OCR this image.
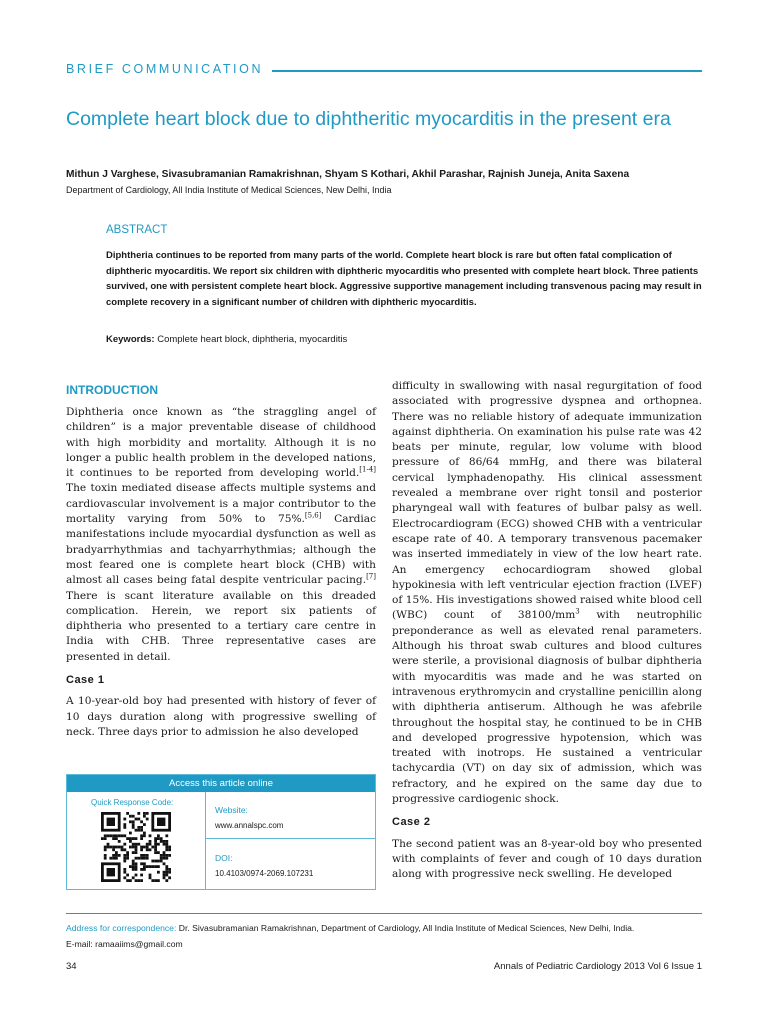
BRIEF COMMUNICATION
Complete heart block due to diphtheritic myocarditis in the present era
Mithun J Varghese, Sivasubramanian Ramakrishnan, Shyam S Kothari, Akhil Parashar, Rajnish Juneja, Anita Saxena
Department of Cardiology, All India Institute of Medical Sciences, New Delhi, India
ABSTRACT
Diphtheria continues to be reported from many parts of the world. Complete heart block is rare but often fatal complication of diphtheric myocarditis. We report six children with diphtheric myocarditis who presented with complete heart block. Three patients survived, one with persistent complete heart block. Aggressive supportive management including transvenous pacing may result in complete recovery in a significant number of children with diphtheric myocarditis.
Keywords: Complete heart block, diphtheria, myocarditis
INTRODUCTION

Diphtheria once known as “the straggling angel of children” is a major preventable disease of childhood with high morbidity and mortality. Although it is no longer a public health problem in the developed nations, it continues to be reported from developing world.[1-4] The toxin mediated disease affects multiple systems and cardiovascular involvement is a major contributor to the mortality varying from 50% to 75%.[5,6] Cardiac manifestations include myocardial dysfunction as well as bradyarrhythmias and tachyarrhythmias; although the most feared one is complete heart block (CHB) with almost all cases being fatal despite ventricular pacing.[7] There is scant literature available on this dreaded complication. Herein, we report six patients of diphtheria who presented to a tertiary care centre in India with CHB. Three representative cases are presented in detail.

Case 1

A 10-year-old boy had presented with history of fever of 10 days duration along with progressive swelling of neck. Three days prior to admission he also developed

difficulty in swallowing with nasal regurgitation of food associated with progressive dyspnea and orthopnea. There was no reliable history of adequate immunization against diphtheria. On examination his pulse rate was 42 beats per minute, regular, low volume with blood pressure of 86/64 mmHg, and there was bilateral cervical lymphadenopathy. His clinical assessment revealed a membrane over right tonsil and posterior pharyngeal wall with features of bulbar palsy as well. Electrocardiogram (ECG) showed CHB with a ventricular escape rate of 40. A temporary transvenous pacemaker was inserted immediately in view of the low heart rate. An emergency echocardiogram showed global hypokinesia with left ventricular ejection fraction (LVEF) of 15%. His investigations showed raised white blood cell (WBC) count of $38100/mm^3$ with neutrophilic preponderance as well as elevated renal parameters. Although his throat swab cultures and blood cultures were sterile, a provisional diagnosis of bulbar diphtheria with myocarditis was made and he was started on intravenous erythromycin and crystalline penicillin along with diphtheria antiserum. Although he was afebrile throughout the hospital stay, he continued to be in CHB and developed progressive hypotension, which was treated with inotrops. He sustained a ventricular tachycardia (VT) on day six of admission, which was refractory, and he expired on the same day due to progressive cardiogenic shock.

Case 2

The second patient was an 8-year-old boy who presented with complaints of fever and cough of 10 days duration along with progressive neck swelling. He developed

Access this article online
Quick Response Code:
Website:
www.annalspc.com
DOI:
10.4103/0974-2069.107231
Address for correspondence: Dr. Sivasubramanian Ramakrishnan, Department of Cardiology, All India Institute of Medical Sciences, New Delhi, India.
E-mail: ramaaiims@gmail.com
34	Annals of Pediatric Cardiology 2013 Vol 6 Issue 1
